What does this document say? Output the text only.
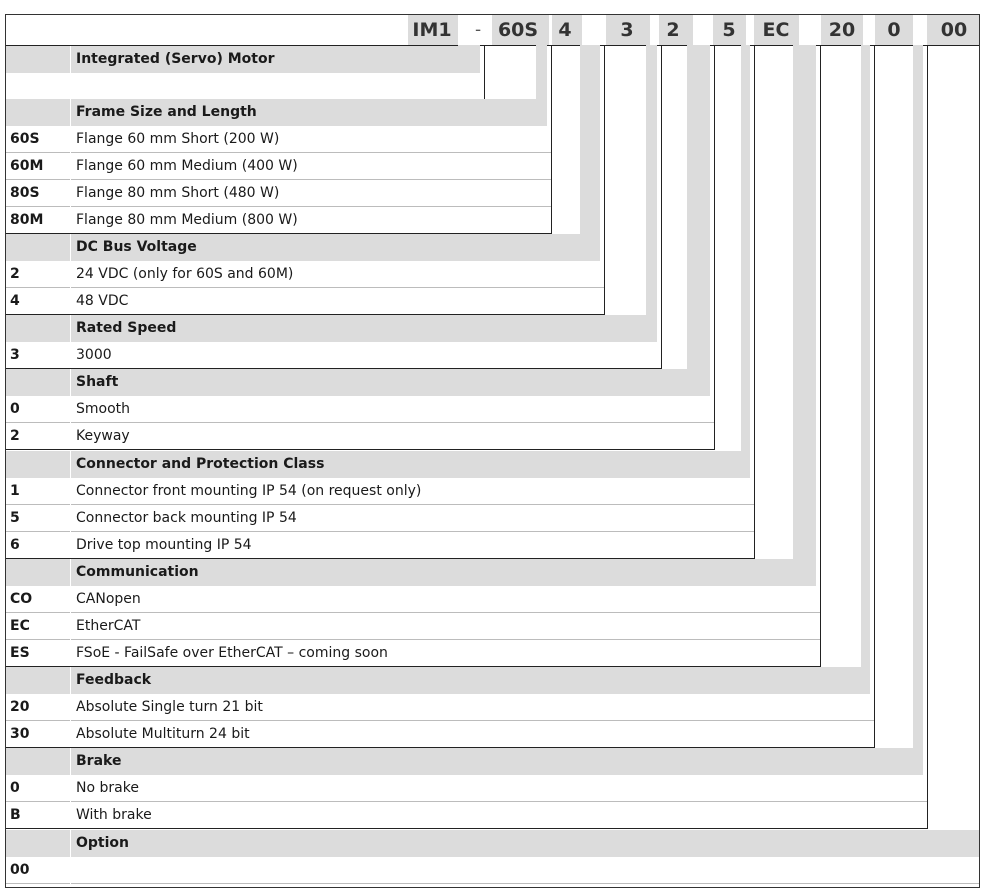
IM1	- 60S	4	3	2	5	EC	20	0	00
Integrated (Servo) Motor
Frame Size and Length
60S	Flange 60 mm Short (200 W)
60M Flange 60 mm Medium (400 W)
80S	Flange 80 mm Short (480 W)
80M Flange 80 mm Medium (800 W)
DC Bus Voltage
2	24 VDC (only for 60S and 60M)
4	48 VDC
Rated Speed
3	3000
Shaft
0	Smooth
2	Keyway
Connector and Protection Class
1	Connector front mounting IP 54 (on request only)
5	Connector back mounting IP 54
6	Drive top mounting IP 54
Communication
CO	CANopen
EC	EtherCAT
ES	FSoE - FailSafe over EtherCAT – coming soon
Feedback
20	Absolute Single turn 21 bit
30	Absolute Multiturn 24 bit
Brake
0	No brake
B	With brake
Option
00
